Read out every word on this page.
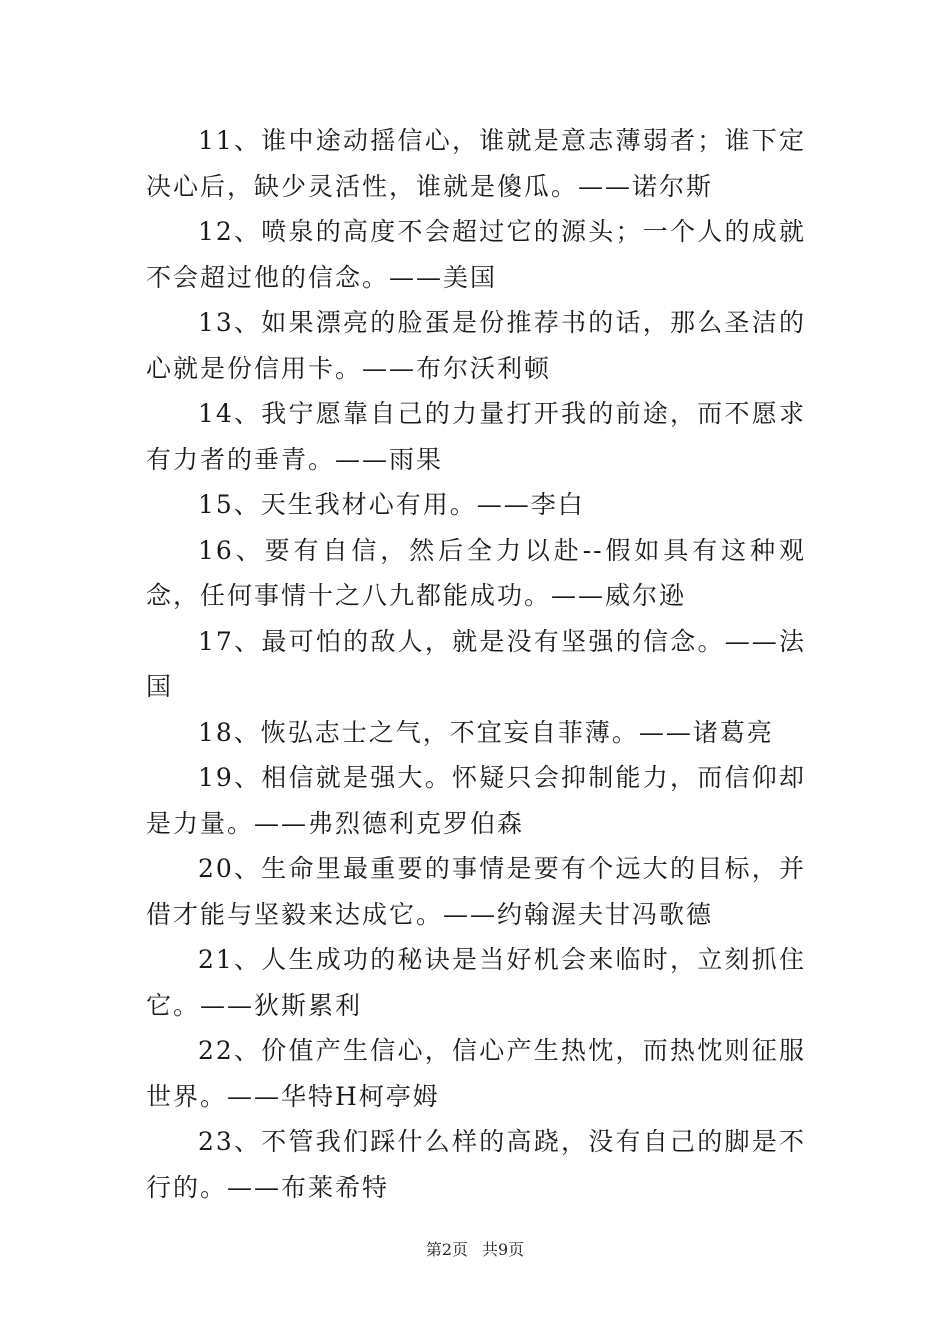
11、谁中途动摇信心，谁就是意志薄弱者；谁下定决心后，缺少灵活性，谁就是傻瓜。——诺尔斯

12、喷泉的高度不会超过它的源头；一个人的成就不会超过他的信念。——美国

13、如果漂亮的脸蛋是份推荐书的话，那么圣洁的心就是份信用卡。——布尔沃利顿

14、我宁愿靠自己的力量打开我的前途，而不愿求有力者的垂青。——雨果

15、天生我材心有用。——李白

16、要有自信，然后全力以赴--假如具有这种观念，任何事情十之八九都能成功。——威尔逊

17、最可怕的敌人，就是没有坚强的信念。——法国

18、恢弘志士之气，不宜妄自菲薄。——诸葛亮

19、相信就是强大。怀疑只会抑制能力，而信仰却是力量。——弗烈德利克罗伯森

20、生命里最重要的事情是要有个远大的目标，并借才能与坚毅来达成它。——约翰渥夫甘冯歌德

21、人生成功的秘诀是当好机会来临时，立刻抓住它。——狄斯累利

22、价值产生信心，信心产生热忱，而热忱则征服世界。——华特H柯亭姆

23、不管我们踩什么样的高跷，没有自己的脚是不行的。——布莱希特

第2页 共9页
